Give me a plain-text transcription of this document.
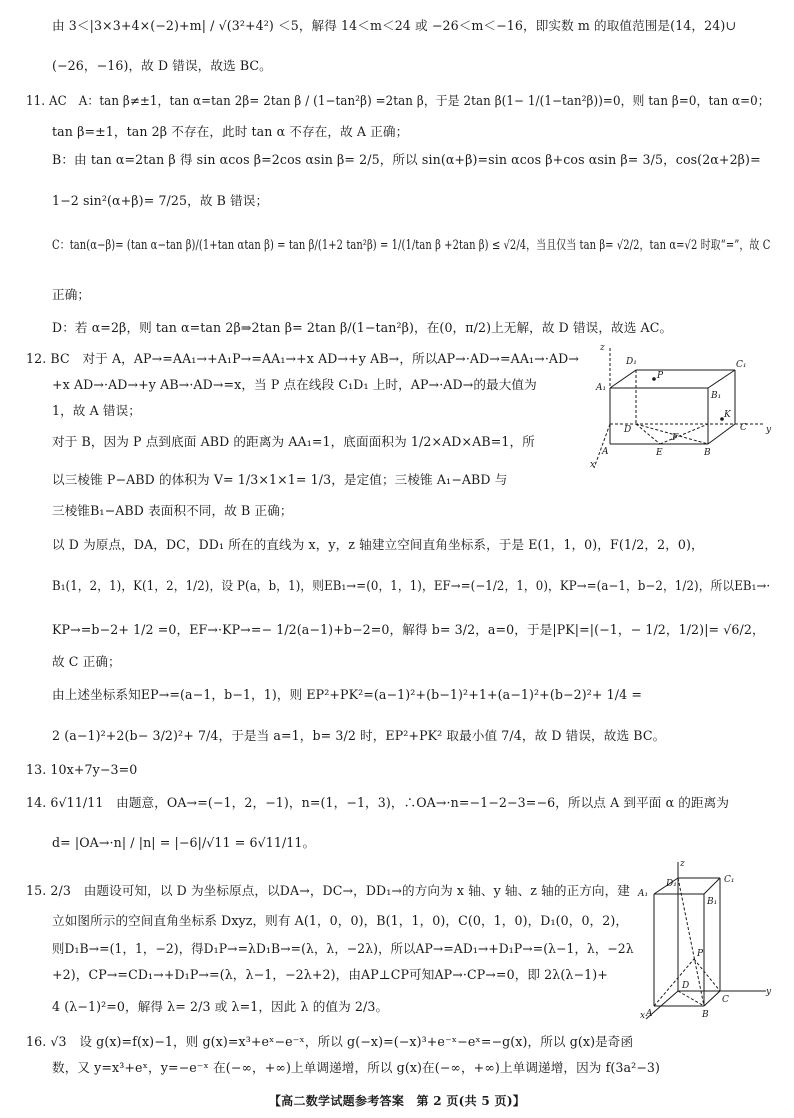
由 3＜|3×3+4×(−2)+m| / √(3²+4²) ＜5，解得 14＜m＜24 或 −26＜m＜−16，即实数 m 的取值范围是(14，24)∪
(−26，−16)，故 D 错误，故选 BC。
11. AC　A：tan β≠±1，tan α=tan 2β= 2tan β / (1−tan²β) =2tan β，于是 2tan β(1− 1/(1−tan²β))=0，则 tan β=0，tan α=0；
tan β=±1，tan 2β 不存在，此时 tan α 不存在，故 A 正确；
B：由 tan α=2tan β 得 sin αcos β=2cos αsin β= 2/5，所以 sin(α+β)=sin αcos β+cos αsin β= 3/5，cos(2α+2β)=
1−2 sin²(α+β)= 7/25，故 B 错误；
C：tan(α−β)= (tan α−tan β)/(1+tan αtan β) = tan β/(1+2 tan²β) = 1/(1/tan β +2tan β) ≤ √2/4，当且仅当 tan β= √2/2，tan α=√2 时取“=”，故 C
正确；
D：若 α=2β，则 tan α=tan 2β⇒2tan β= 2tan β/(1−tan²β)，在(0，π/2)上无解，故 D 错误，故选 AC。
12. BC　对于 A，AP→=AA₁→+A₁P→=AA₁→+x AD→+y AB→，所以AP→·AD→=AA₁→·AD→
+x AD→·AD→+y AB→·AD→=x，当 P 点在线段 C₁D₁ 上时，AP→·AD→的最大值为
1，故 A 错误；
对于 B，因为 P 点到底面 ABD 的距离为 AA₁=1，底面面积为 1/2×AD×AB=1，所
以三棱锥 P−ABD 的体积为 V= 1/3×1×1= 1/3，是定值；三棱锥 A₁−ABD 与
三棱锥B₁−ABD 表面积不同，故 B 正确；
以 D 为原点，DA，DC，DD₁ 所在的直线为 x，y，z 轴建立空间直角坐标系，于是 E(1，1，0)，F(1/2，2，0)，
B₁(1，2，1)，K(1，2，1/2)，设 P(a，b，1)，则EB₁→=(0，1，1)，EF→=(−1/2，1，0)，KP→=(a−1，b−2，1/2)，所以EB₁→·
KP→=b−2+ 1/2 =0，EF→·KP→=− 1/2(a−1)+b−2=0，解得 b= 3/2，a=0，于是|PK|=|(−1，− 1/2，1/2)|= √6/2，
故 C 正确；
由上述坐标系知EP→=(a−1，b−1，1)，则 EP²+PK²=(a−1)²+(b−1)²+1+(a−1)²+(b−2)²+ 1/4 =
2 (a−1)²+2(b− 3/2)²+ 7/4，于是当 a=1，b= 3/2 时，EP²+PK² 取最小值 7/4，故 D 错误，故选 BC。
13. 10x+7y−3=0
14. 6√11/11　由题意，OA→=(−1，2，−1)，n=(1，−1，3)，∴OA→·n=−1−2−3=−6，所以点 A 到平面 α 的距离为
d= |OA→·n| / |n| = |−6|/√11 = 6√11/11。
15. 2/3　由题设可知，以 D 为坐标原点，以DA→，DC→，DD₁→的方向为 x 轴、y 轴、z 轴的正方向，建
立如图所示的空间直角坐标系 Dxyz，则有 A(1，0，0)，B(1，1，0)，C(0，1，0)，D₁(0，0，2)，
则D₁B→=(1，1，−2)，得D₁P→=λD₁B→=(λ，λ，−2λ)，所以AP→=AD₁→+D₁P→=(λ−1，λ，−2λ
+2)，CP→=CD₁→+D₁P→=(λ，λ−1，−2λ+2)，由AP⊥CP可知AP→·CP→=0，即 2λ(λ−1)+
4 (λ−1)²=0，解得 λ= 2/3 或 λ=1，因此 λ 的值为 2/3。
16. √3　设 g(x)=f(x)−1，则 g(x)=x³+eˣ−e⁻ˣ，所以 g(−x)=(−x)³+e⁻ˣ−eˣ=−g(x)，所以 g(x)是奇函
数，又 y=x³+eˣ，y=−e⁻ˣ 在(−∞，+∞)上单调递增，所以 g(x)在(−∞，+∞)上单调递增，因为 f(3a²−3)
z
D₁
P
C₁
A₁
B₁
D
K
C y
x
A	E	B
F
z
D₁	C₁
A₁
B₁
P
D
y
x A	B
C
【高二数学试题参考答案　第 2 页(共 5 页)】
